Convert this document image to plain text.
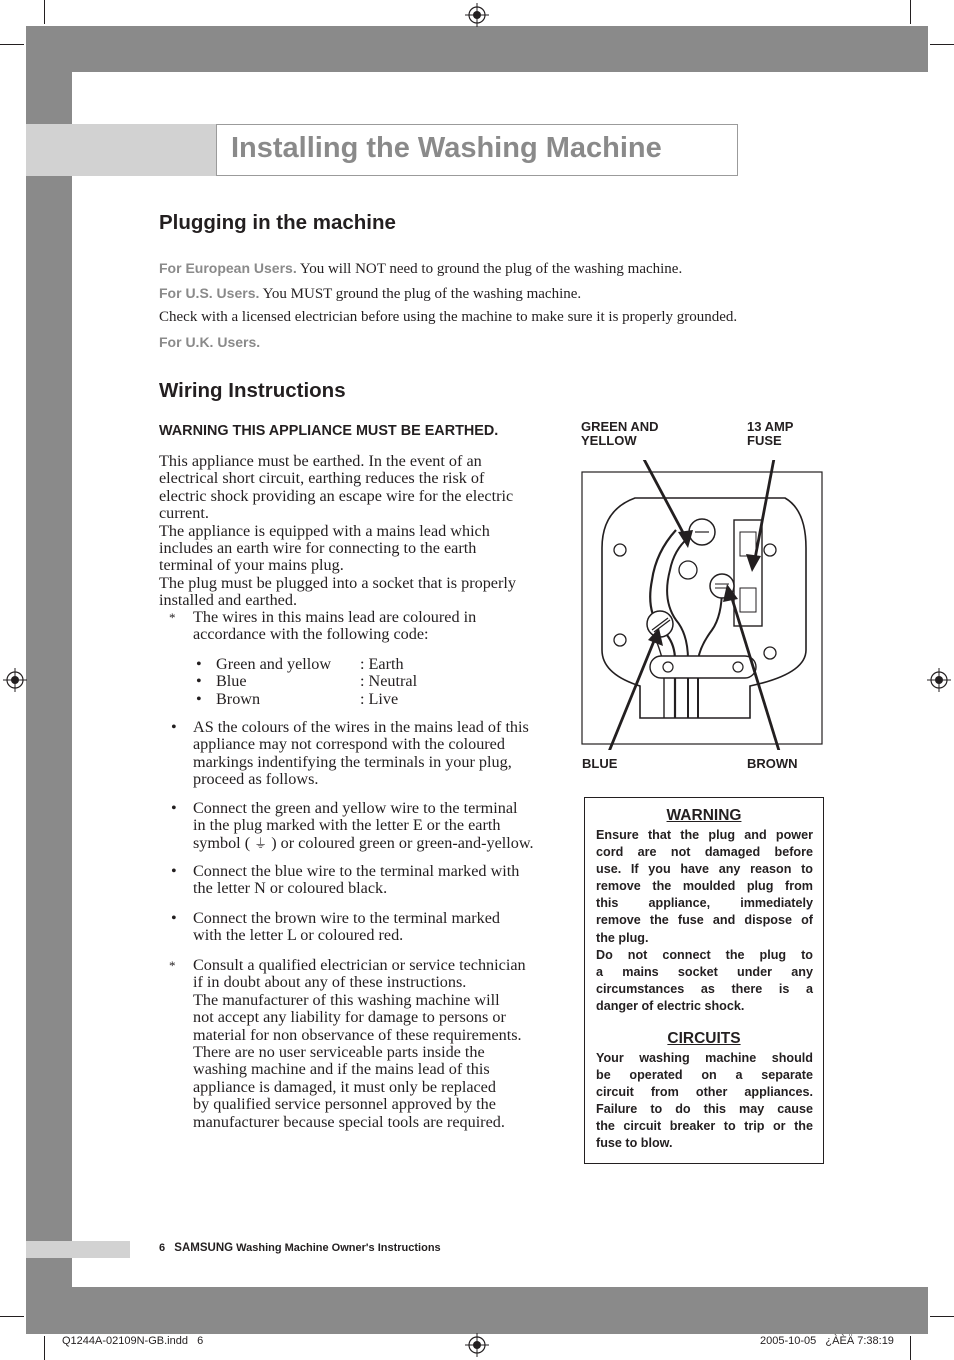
Installing the Washing Machine
Plugging in the machine
For European Users. You will NOT need to ground the plug of the washing machine.
For U.S. Users. You MUST ground the plug of the washing machine.
Check with a licensed electrician before using the machine to make sure it is properly grounded.
For U.K. Users.
Wiring Instructions
WARNING THIS APPLIANCE MUST BE EARTHED.

This appliance must be earthed. In the event of an

electrical short circuit, earthing reduces the risk of

electric shock providing an escape wire for the electric

current.

The appliance is equipped with a mains lead which

includes an earth wire for connecting to the earth

terminal of your mains plug.

The plug must be plugged into a socket that is properly

installed and earthed.

* The wires in this mains lead are coloured in
accordance with the following code:
• Green and yellow : Earth
• Blue	: Neutral
• Brown	: Live
• AS the colours of the wires in the mains lead of this
appliance may not correspond with the coloured
markings indentifying the terminals in your plug,
proceed as follows.
• Connect the green and yellow wire to the terminal
in the plug marked with the letter E or the earth
symbol ( ⏚ ) or coloured green or green-and-yellow.
• Connect the blue wire to the terminal marked with
the letter N or coloured black.
• Connect the brown wire to the terminal marked
with the letter L or coloured red.
* Consult a qualified electrician or service technician
if in doubt about any of these instructions.
The manufacturer of this washing machine will
not accept any liability for damage to persons or
material for non observance of these requirements.
There are no user serviceable parts inside the
washing machine and if the mains lead of this
appliance is damaged, it must only be replaced
by qualified service personnel approved by the
manufacturer because special tools are required.
GREEN AND
YELLOW
13 AMP
FUSE
BLUE	BROWN
WARNING
Ensure that the plug and power
cord are not damaged before
use. If you have any reason to
remove the moulded plug from
this appliance, immediately
remove the fuse and dispose of
the plug.
Do not connect the plug to
a mains socket under any
circumstances as there is a
danger of electric shock.
CIRCUITS
Your washing machine should
be operated on a separate
circuit from other appliances.
Failure to do this may cause
the circuit breaker to trip or the
fuse to blow.
6 SAMSUNG Washing Machine Owner's Instructions
Q1244A-02109N-GB.indd   6	2005-10-05   ¿ÀÈÄ 7:38:19
